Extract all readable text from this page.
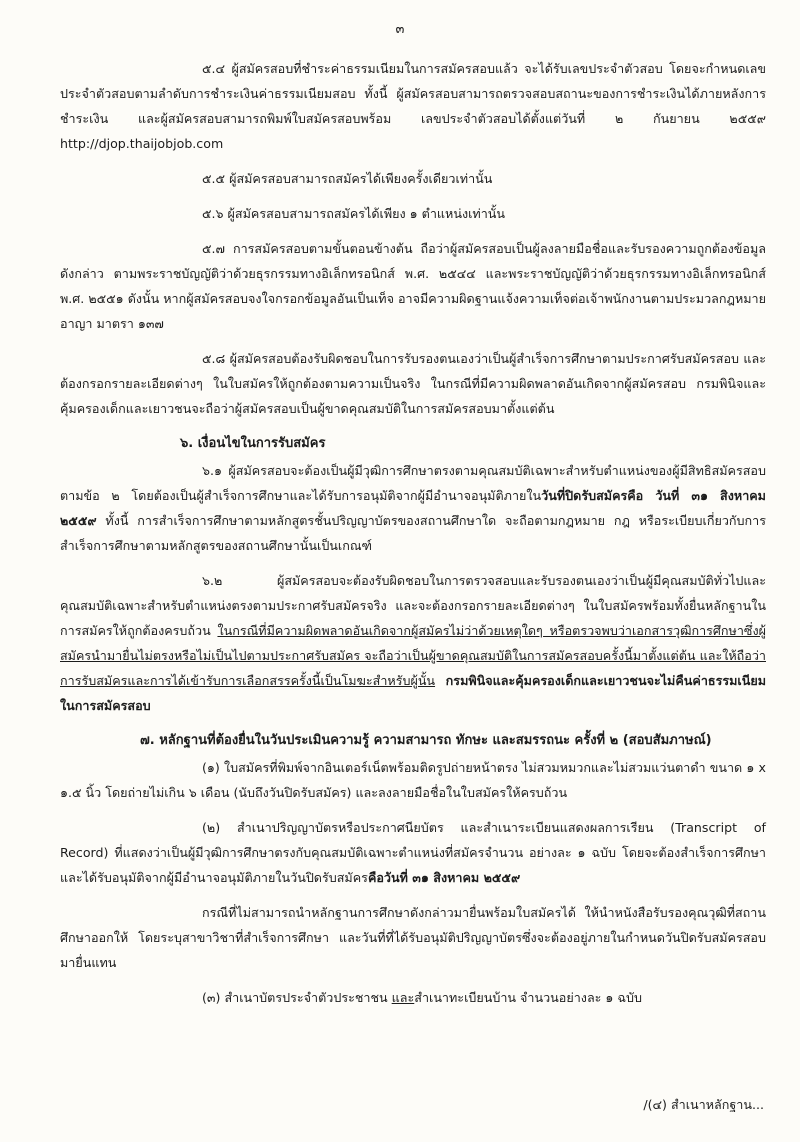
๓

๕.๔ ผู้สมัครสอบที่ชำระค่าธรรมเนียมในการสมัครสอบแล้ว จะได้รับเลขประจำตัวสอบ โดยจะกำหนดเลขประจำตัวสอบตามลำดับการชำระเงินค่าธรรมเนียมสอบ ทั้งนี้ ผู้สมัครสอบสามารถตรวจสอบสถานะของการชำระเงินได้ภายหลังการชำระเงิน และผู้สมัครสอบสามารถพิมพ์ใบสมัครสอบพร้อม เลขประจำตัวสอบได้ตั้งแต่วันที่ ๒ กันยายน ๒๕๕๙ http://djop.thaijobjob.com

๕.๕ ผู้สมัครสอบสามารถสมัครได้เพียงครั้งเดียวเท่านั้น

๕.๖ ผู้สมัครสอบสามารถสมัครได้เพียง ๑ ตำแหน่งเท่านั้น

๕.๗ การสมัครสอบตามขั้นตอนข้างต้น ถือว่าผู้สมัครสอบเป็นผู้ลงลายมือชื่อและรับรองความถูกต้องข้อมูลดังกล่าว ตามพระราชบัญญัติว่าด้วยธุรกรรมทางอิเล็กทรอนิกส์ พ.ศ. ๒๕๔๔ และพระราชบัญญัติว่าด้วยธุรกรรมทางอิเล็กทรอนิกส์ พ.ศ. ๒๕๕๑ ดังนั้น หากผู้สมัครสอบจงใจกรอกข้อมูลอันเป็นเท็จ อาจมีความผิดฐานแจ้งความเท็จต่อเจ้าพนักงานตามประมวลกฎหมายอาญา มาตรา ๑๓๗

๕.๘ ผู้สมัครสอบต้องรับผิดชอบในการรับรองตนเองว่าเป็นผู้สำเร็จการศึกษาตามประกาศรับสมัครสอบ และต้องกรอกรายละเอียดต่างๆ ในใบสมัครให้ถูกต้องตามความเป็นจริง ในกรณีที่มีความผิดพลาดอันเกิดจากผู้สมัครสอบ กรมพินิจและคุ้มครองเด็กและเยาวชนจะถือว่าผู้สมัครสอบเป็นผู้ขาดคุณสมบัติในการสมัครสอบมาตั้งแต่ต้น

๖. เงื่อนไขในการรับสมัคร

๖.๑ ผู้สมัครสอบจะต้องเป็นผู้มีวุฒิการศึกษาตรงตามคุณสมบัติเฉพาะสำหรับตำแหน่งของผู้มีสิทธิสมัครสอบตามข้อ ๒ โดยต้องเป็นผู้สำเร็จการศึกษาและได้รับการอนุมัติจากผู้มีอำนาจอนุมัติภายในวันที่ปิดรับสมัครคือ วันที่ ๓๑ สิงหาคม ๒๕๕๙ ทั้งนี้ การสำเร็จการศึกษาตามหลักสูตรชั้นปริญญาบัตรของสถานศึกษาใด จะถือตามกฎหมาย กฎ หรือระเบียบเกี่ยวกับการสำเร็จการศึกษาตามหลักสูตรของสถานศึกษานั้นเป็นเกณฑ์

๖.๒ ผู้สมัครสอบจะต้องรับผิดชอบในการตรวจสอบและรับรองตนเองว่าเป็นผู้มีคุณสมบัติทั่วไปและคุณสมบัติเฉพาะสำหรับตำแหน่งตรงตามประกาศรับสมัครจริง และจะต้องกรอกรายละเอียดต่างๆ ในใบสมัครพร้อมทั้งยื่นหลักฐานในการสมัครให้ถูกต้องครบถ้วน ในกรณีที่มีความผิดพลาดอันเกิดจากผู้สมัครไม่ว่าด้วยเหตุใดๆ หรือตรวจพบว่าเอกสารวุฒิการศึกษาซึ่งผู้สมัครนำมายื่นไม่ตรงหรือไม่เป็นไปตามประกาศรับสมัคร จะถือว่าเป็นผู้ขาดคุณสมบัติในการสมัครสอบครั้งนี้มาตั้งแต่ต้น และให้ถือว่าการรับสมัครและการได้เข้ารับการเลือกสรรครั้งนี้เป็นโมฆะสำหรับผู้นั้น กรมพินิจและคุ้มครองเด็กและเยาวชนจะไม่คืนค่าธรรมเนียมในการสมัครสอบ

๗. หลักฐานที่ต้องยื่นในวันประเมินความรู้ ความสามารถ ทักษะ และสมรรถนะ ครั้งที่ ๒ (สอบสัมภาษณ์)

(๑) ใบสมัครที่พิมพ์จากอินเตอร์เน็ตพร้อมติดรูปถ่ายหน้าตรง ไม่สวมหมวกและไม่สวมแว่นตาดำ ขนาด ๑ x ๑.๕ นิ้ว โดยถ่ายไม่เกิน ๖ เดือน (นับถึงวันปิดรับสมัคร) และลงลายมือชื่อในใบสมัครให้ครบถ้วน

(๒) สำเนาปริญญาบัตรหรือประกาศนียบัตร และสำเนาระเบียนแสดงผลการเรียน (Transcript of Record) ที่แสดงว่าเป็นผู้มีวุฒิการศึกษาตรงกับคุณสมบัติเฉพาะตำแหน่งที่สมัครจำนวน อย่างละ ๑ ฉบับ โดยจะต้องสำเร็จการศึกษาและได้รับอนุมัติจากผู้มีอำนาจอนุมัติภายในวันปิดรับสมัครคือวันที่ ๓๑ สิงหาคม ๒๕๕๙

กรณีที่ไม่สามารถนำหลักฐานการศึกษาดังกล่าวมายื่นพร้อมใบสมัครได้ ให้นำหนังสือรับรองคุณวุฒิที่สถานศึกษาออกให้ โดยระบุสาขาวิชาที่สำเร็จการศึกษา และวันที่ที่ได้รับอนุมัติปริญญาบัตรซึ่งจะต้องอยู่ภายในกำหนดวันปิดรับสมัครสอบมายื่นแทน

(๓) สำเนาบัตรประจำตัวประชาชน และสำเนาทะเบียนบ้าน จำนวนอย่างละ ๑ ฉบับ

/(๔) สำเนาหลักฐาน...
